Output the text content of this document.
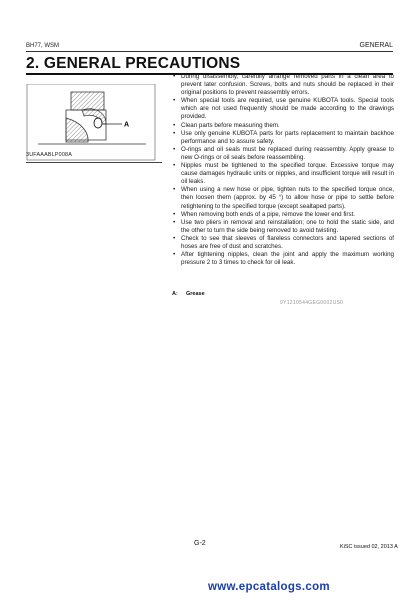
BH77, WSM	GENERAL
2. GENERAL PRECAUTIONS
A
3UFAAABLP008A
• During disassembly, carefully arrange removed parts in a clean area to prevent later confusion. Screws, bolts and nuts should be replaced in their original positions to prevent reassembly errors.
• When special tools are required, use genuine KUBOTA tools. Special tools which are not used frequently should be made according to the drawings provided.
• Clean parts before measuring them.
• Use only genuine KUBOTA parts for parts replacement to maintain backhoe performance and to assure safety.
• O-rings and oil seals must be replaced during reassembly. Apply grease to new O-rings or oil seals before reassembling.
• Nipples must be tightened to the specified torque. Excessive torque may cause damages hydraulic units or nipples, and insufficient torque will result in oil leaks.
• When using a new hose or pipe, tighten nuts to the specified torque once, then loosen them (approx. by 45 °) to allow hose or pipe to settle before retightening to the specified torque (except sealtaped parts).
• When removing both ends of a pipe, remove the lower end first.
• Use two pliers in removal and reinstallation; one to hold the static side, and the other to turn the side being removed to avoid twisting.
• Check to see that sleeves of flareless connectors and tapered sections of hoses are free of dust and scratches.
• After tightening nipples, clean the joint and apply the maximum working pressure 2 to 3 times to check for oil leak.
A: Grease
9Y1210544GEG0002US0
G-2	KiSC issued 02, 2013 A
www.epcatalogs.com
